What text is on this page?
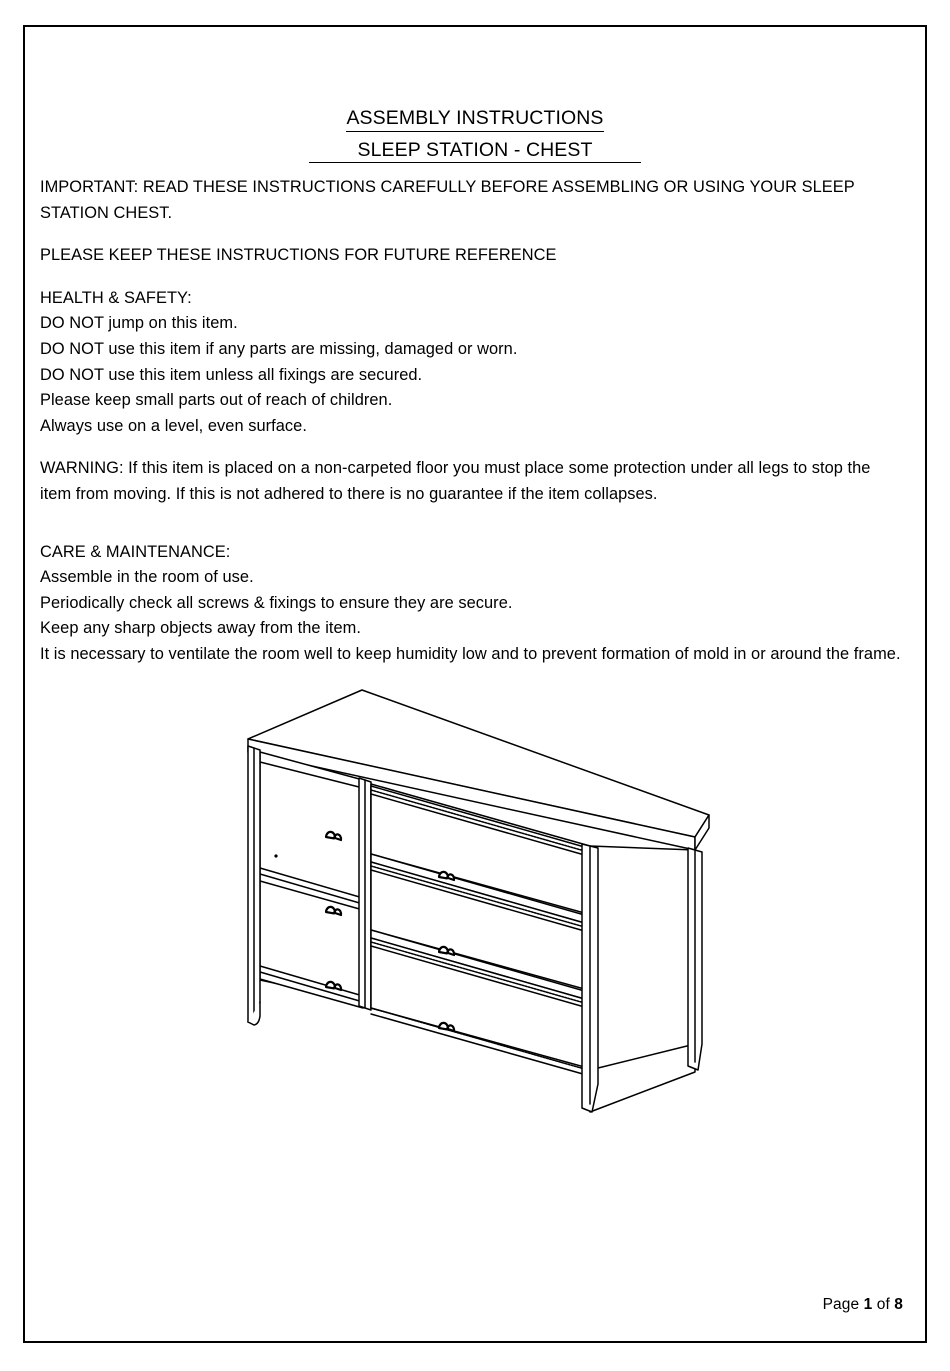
ASSEMBLY INSTRUCTIONS
SLEEP STATION - CHEST

IMPORTANT: READ THESE INSTRUCTIONS CAREFULLY BEFORE ASSEMBLING OR USING YOUR SLEEP STATION CHEST.

PLEASE KEEP THESE INSTRUCTIONS FOR FUTURE REFERENCE

HEALTH & SAFETY:

DO NOT jump on this item.

DO NOT use this item if any parts are missing, damaged or worn.

DO NOT use this item unless all fixings are secured.

Please keep small parts out of reach of children.

Always use on a level, even surface.

WARNING: If this item is placed on a non-carpeted floor you must place some protection under all legs to stop the item from moving. If this is not adhered to there is no guarantee if the item collapses.

CARE & MAINTENANCE:

Assemble in the room of use.

Periodically check all screws & fixings to ensure they are secure.

Keep any sharp objects away from the item.

It is necessary to ventilate the room well to keep humidity low and to prevent formation of mold in or around the frame.

Page 1 of 8
